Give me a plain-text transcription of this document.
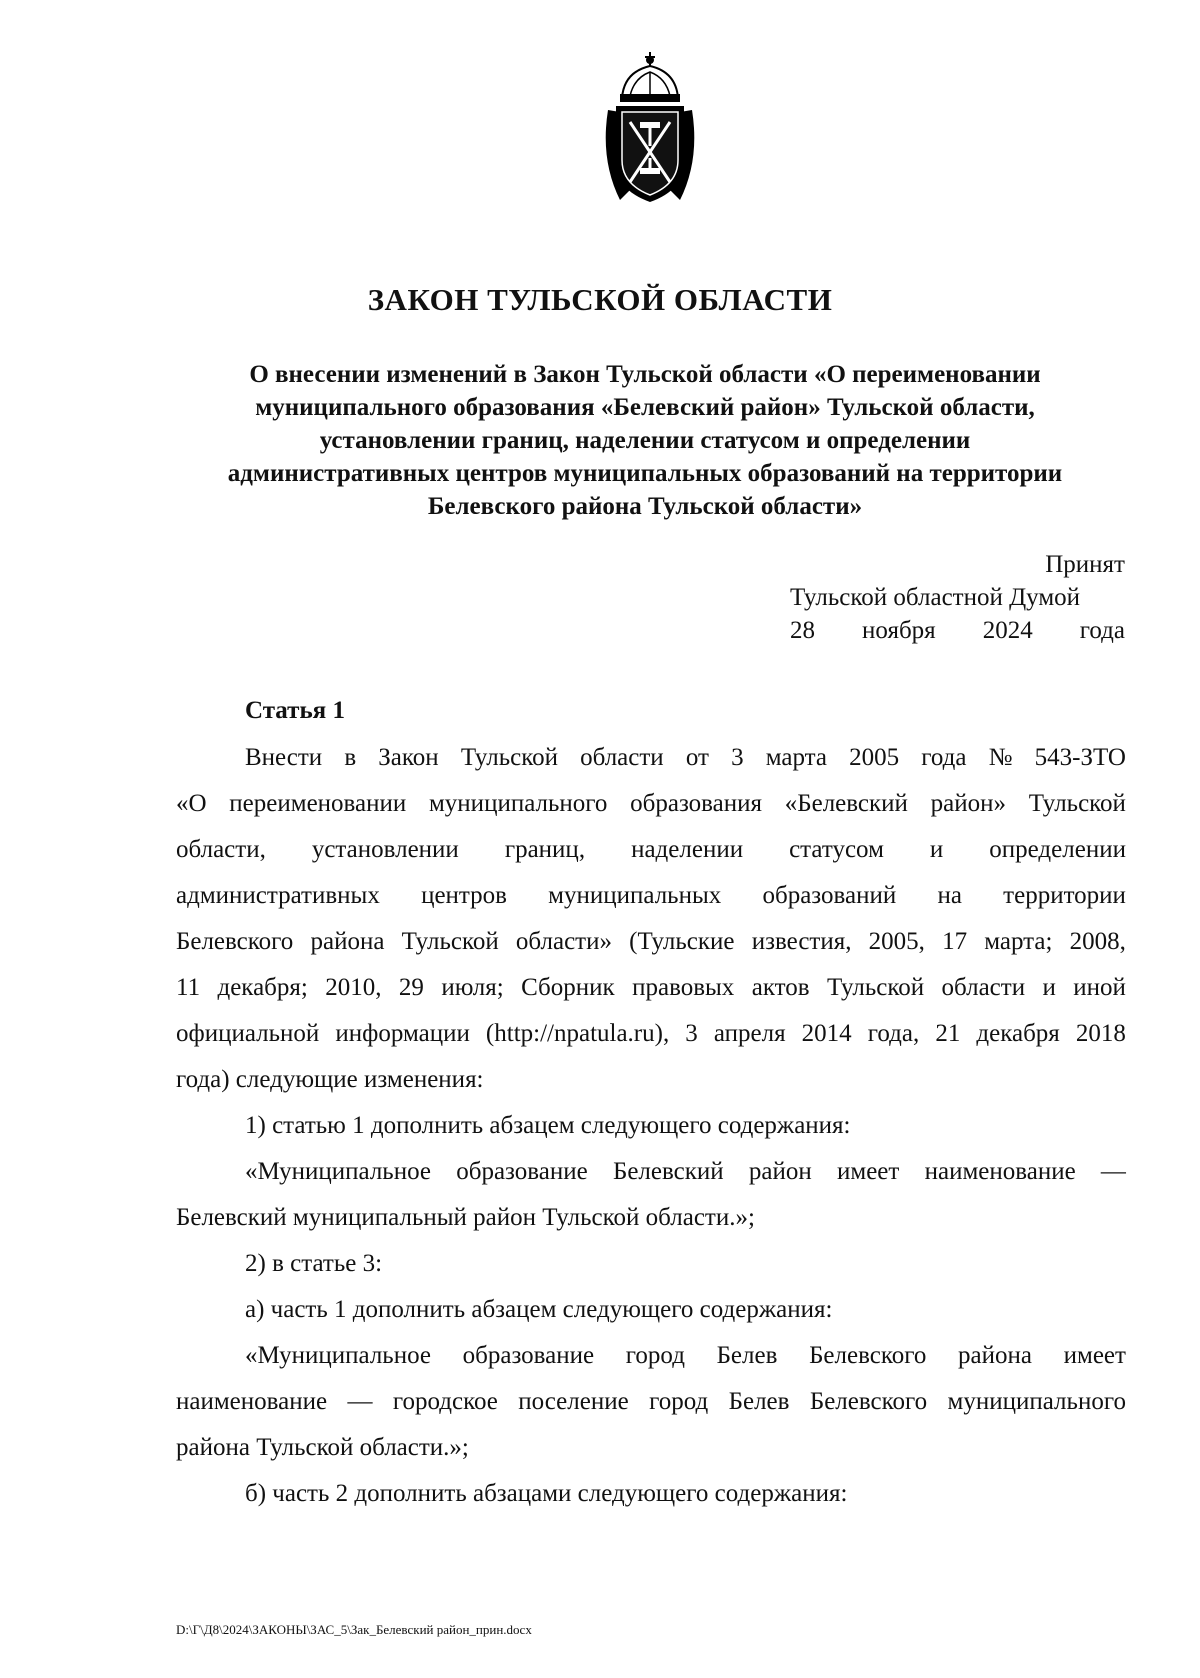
ЗАКОН ТУЛЬСКОЙ ОБЛАСТИ
О внесении изменений в Закон Тульской области «О переименовании
муниципального образования «Белевский район» Тульской области,
установлении границ, наделении статусом и определении
административных центров муниципальных образований на территории
Белевского района Тульской области»
Принят
Тульской областной Думой
28 ноября 2024 года
Статья 1
Внести в Закон Тульской области от 3 марта 2005 года № 543-ЗТО
«О переименовании муниципального образования «Белевский район» Тульской
области, установлении границ, наделении статусом и определении
административных центров муниципальных образований на территории
Белевского района Тульской области» (Тульские известия, 2005, 17 марта; 2008,
11 декабря; 2010, 29 июля; Сборник правовых актов Тульской области и иной
официальной информации (http://npatula.ru), 3 апреля 2014 года, 21 декабря 2018
года) следующие изменения:
1) статью 1 дополнить абзацем следующего содержания:
«Муниципальное образование Белевский район имеет наименование —
Белевский муниципальный район Тульской области.»;
2) в статье 3:
а) часть 1 дополнить абзацем следующего содержания:
«Муниципальное образование город Белев Белевского района имеет
наименование — городское поселение город Белев Белевского муниципального
района Тульской области.»;
б) часть 2 дополнить абзацами следующего содержания:
D:\Г\Д8\2024\ЗАКОНЫ\ЗАС_5\Зак_Белевский район_прин.docx
